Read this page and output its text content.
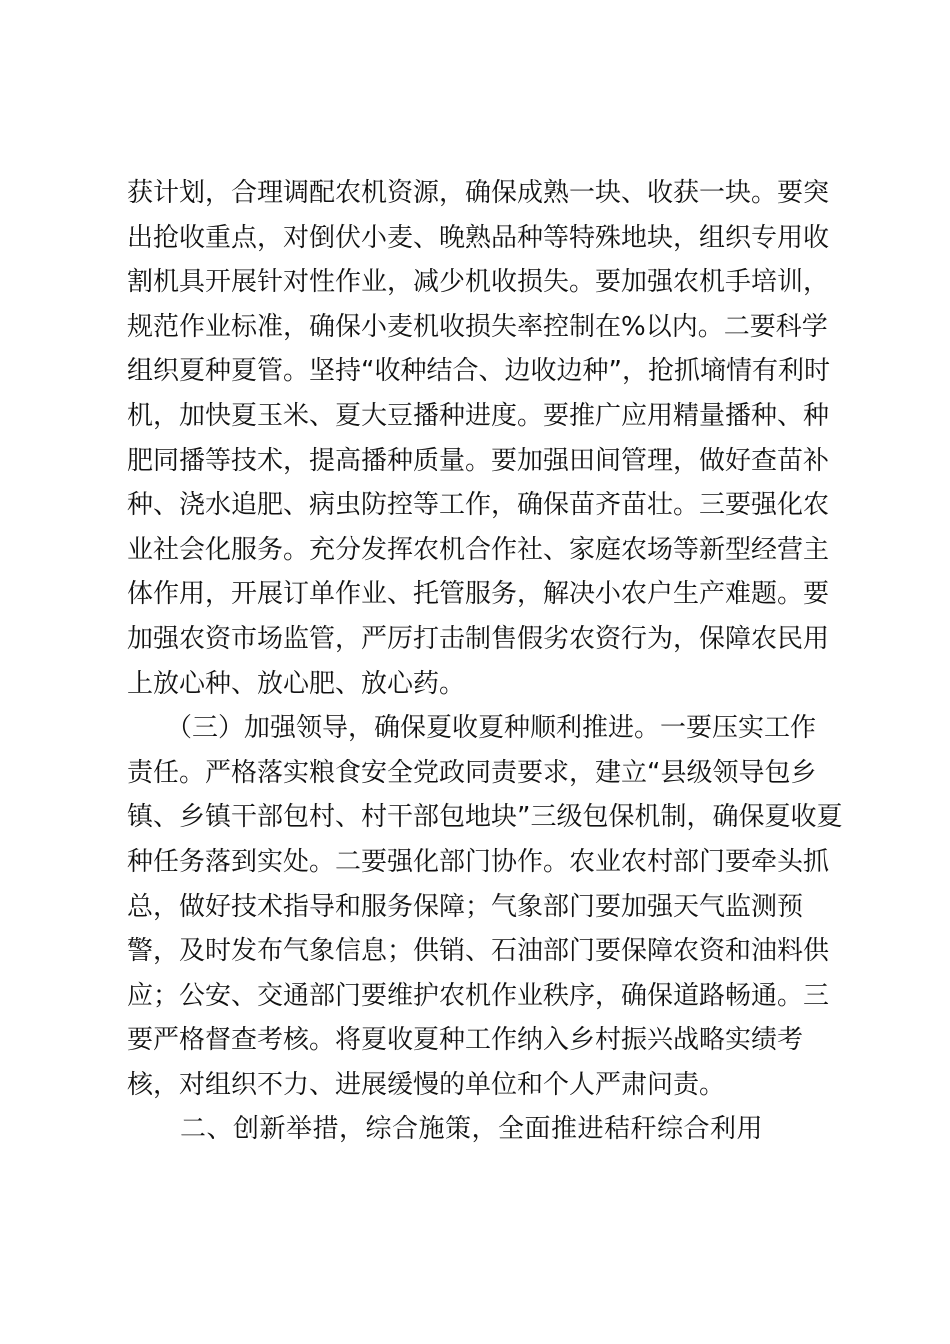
获计划，合理调配农机资源，确保成熟一块、收获一块。要突
出抢收重点，对倒伏小麦、晚熟品种等特殊地块，组织专用收
割机具开展针对性作业，减少机收损失。要加强农机手培训，
规范作业标准，确保小麦机收损失率控制在%以内。二要科学
组织夏种夏管。坚持“收种结合、边收边种”，抢抓墒情有利时
机，加快夏玉米、夏大豆播种进度。要推广应用精量播种、种
肥同播等技术，提高播种质量。要加强田间管理，做好查苗补
种、浇水追肥、病虫防控等工作，确保苗齐苗壮。三要强化农
业社会化服务。充分发挥农机合作社、家庭农场等新型经营主
体作用，开展订单作业、托管服务，解决小农户生产难题。要
加强农资市场监管，严厉打击制售假劣农资行为，保障农民用
上放心种、放心肥、放心药。
　　（三）加强领导，确保夏收夏种顺利推进。一要压实工作
责任。严格落实粮食安全党政同责要求，建立“县级领导包乡
镇、乡镇干部包村、村干部包地块”三级包保机制，确保夏收夏
种任务落到实处。二要强化部门协作。农业农村部门要牵头抓
总，做好技术指导和服务保障；气象部门要加强天气监测预
警，及时发布气象信息；供销、石油部门要保障农资和油料供
应；公安、交通部门要维护农机作业秩序，确保道路畅通。三
要严格督查考核。将夏收夏种工作纳入乡村振兴战略实绩考
核，对组织不力、进展缓慢的单位和个人严肃问责。
　　二、创新举措，综合施策，全面推进秸秆综合利用
